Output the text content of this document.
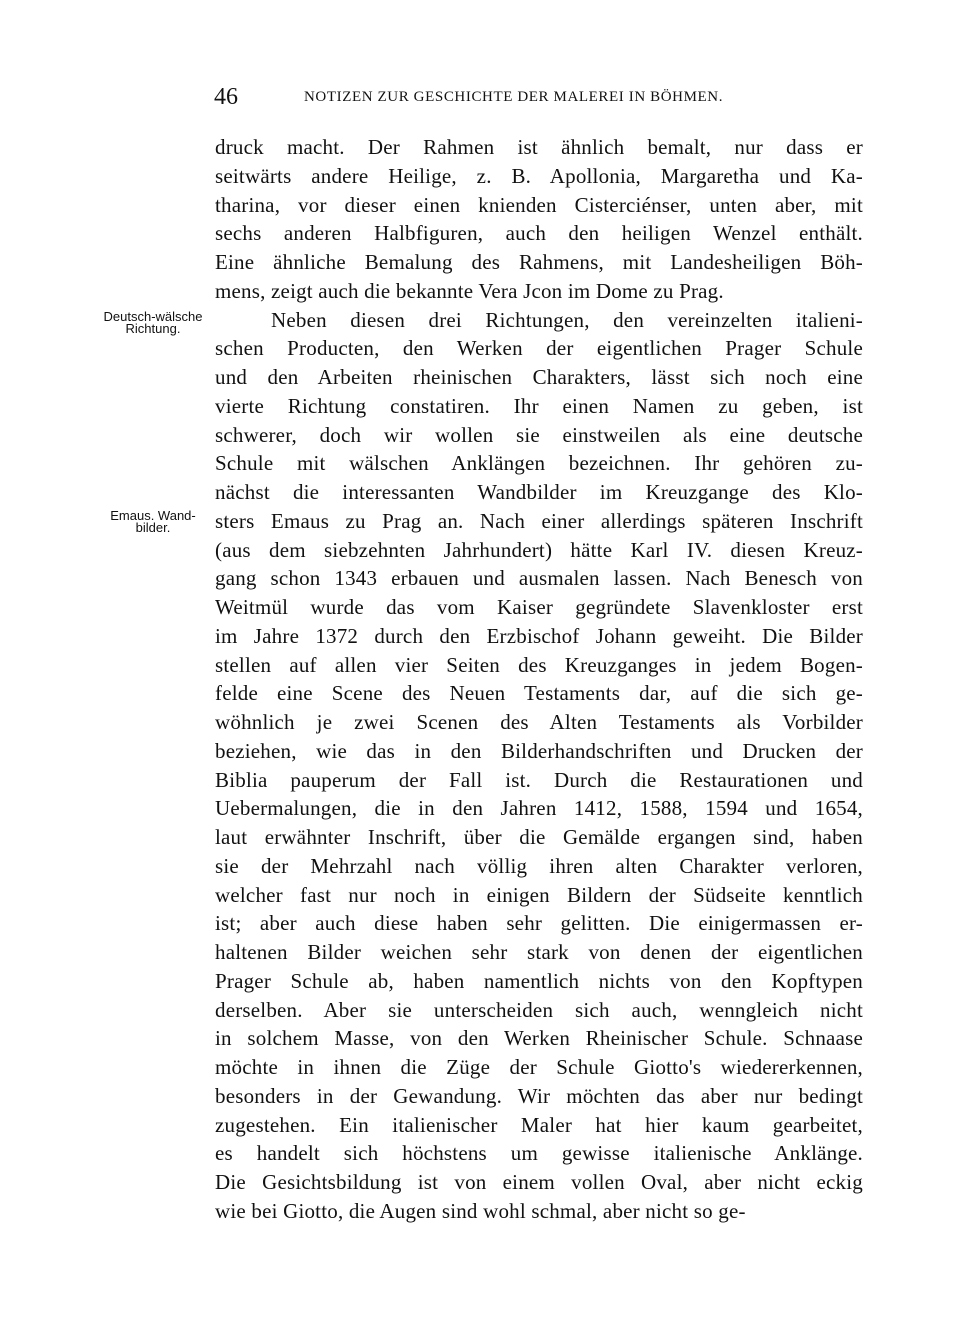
46	NOTIZEN ZUR GESCHICHTE DER MALEREI IN BÖHMEN.
Deutsch-wälsche
Richtung.
Emaus. Wand-
bilder.
druck macht. Der Rahmen ist ähnlich bemalt, nur dass er
seitwärts andere Heilige, z. B. Apollonia, Margaretha und Ka-
tharina, vor dieser einen knienden Cisterciénser, unten aber, mit
sechs anderen Halbfiguren, auch den heiligen Wenzel enthält.
Eine ähnliche Bemalung des Rahmens, mit Landesheiligen Böh-
mens, zeigt auch die bekannte Vera Jcon im Dome zu Prag.
Neben diesen drei Richtungen, den vereinzelten italieni-
schen Producten, den Werken der eigentlichen Prager Schule
und den Arbeiten rheinischen Charakters, lässt sich noch eine
vierte Richtung constatiren. Ihr einen Namen zu geben, ist
schwerer, doch wir wollen sie einstweilen als eine deutsche
Schule mit wälschen Anklängen bezeichnen. Ihr gehören zu-
nächst die interessanten Wandbilder im Kreuzgange des Klo-
sters Emaus zu Prag an. Nach einer allerdings späteren Inschrift
(aus dem siebzehnten Jahrhundert) hätte Karl IV. diesen Kreuz-
gang schon 1343 erbauen und ausmalen lassen. Nach Benesch von
Weitmül wurde das vom Kaiser gegründete Slavenkloster erst
im Jahre 1372 durch den Erzbischof Johann geweiht. Die Bilder
stellen auf allen vier Seiten des Kreuzganges in jedem Bogen-
felde eine Scene des Neuen Testaments dar, auf die sich ge-
wöhnlich je zwei Scenen des Alten Testaments als Vorbilder
beziehen, wie das in den Bilderhandschriften und Drucken der
Biblia pauperum der Fall ist. Durch die Restaurationen und
Uebermalungen, die in den Jahren 1412, 1588, 1594 und 1654,
laut erwähnter Inschrift, über die Gemälde ergangen sind, haben
sie der Mehrzahl nach völlig ihren alten Charakter verloren,
welcher fast nur noch in einigen Bildern der Südseite kenntlich
ist; aber auch diese haben sehr gelitten. Die einigermassen er-
haltenen Bilder weichen sehr stark von denen der eigentlichen
Prager Schule ab, haben namentlich nichts von den Kopftypen
derselben. Aber sie unterscheiden sich auch, wenngleich nicht
in solchem Masse, von den Werken Rheinischer Schule. Schnaase
möchte in ihnen die Züge der Schule Giotto's wiedererkennen,
besonders in der Gewandung. Wir möchten das aber nur bedingt
zugestehen. Ein italienischer Maler hat hier kaum gearbeitet,
es handelt sich höchstens um gewisse italienische Anklänge.
Die Gesichtsbildung ist von einem vollen Oval, aber nicht eckig
wie bei Giotto, die Augen sind wohl schmal, aber nicht so ge-
